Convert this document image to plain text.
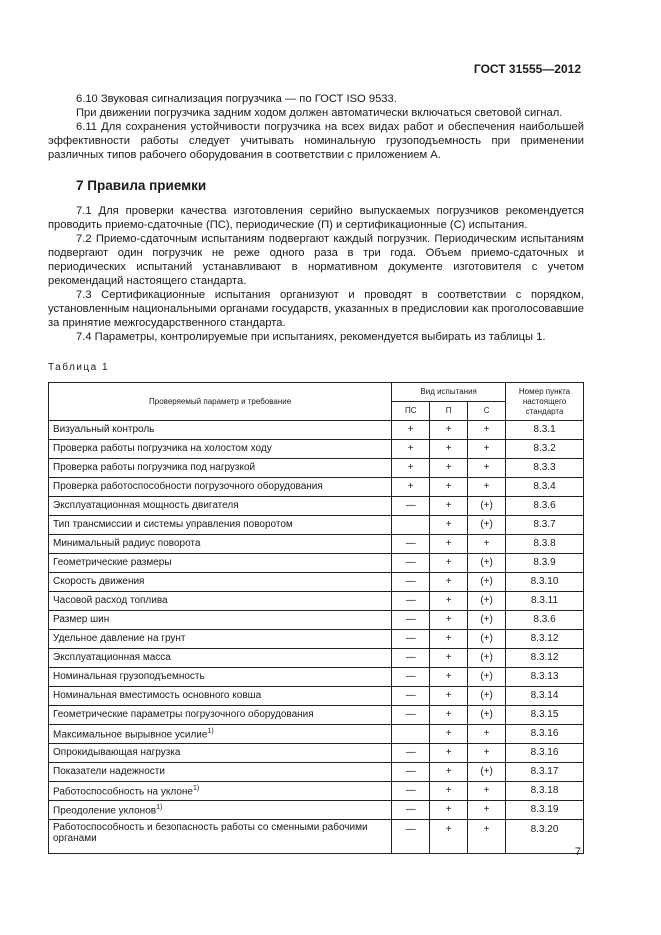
ГОСТ 31555—2012

6.10 Звуковая сигнализация погрузчика — по ГОСТ ISO 9533.

При движении погрузчика задним ходом должен автоматически включаться световой сигнал.

6.11 Для сохранения устойчивости погрузчика на всех видах работ и обеспечения наибольшей эффективности работы следует учитывать номинальную грузоподъемность при применении различных типов рабочего оборудования в соответствии с приложением А.

7 Правила приемки

7.1 Для проверки качества изготовления серийно выпускаемых погрузчиков рекомендуется проводить приемо-сдаточные (ПС), периодические (П) и сертификационные (С) испытания.

7.2 Приемо-сдаточным испытаниям подвергают каждый погрузчик. Периодическим испытаниям подвергают один погрузчик не реже одного раза в три года. Объем приемо-сдаточных и периодических испытаний устанавливают в нормативном документе изготовителя с учетом рекомендаций настоящего стандарта.

7.3 Сертификационные испытания организуют и проводят в соответствии с порядком, установленным национальными органами государств, указанных в предисловии как проголосовавшие за принятие межгосударственного стандарта.

7.4 Параметры, контролируемые при испытаниях, рекомендуется выбирать из таблицы 1.

Таблица 1
Проверяемый параметр и требование	Вид испытания			Номер пункта настоящего стандарта
	ПС	П	С	
Визуальный контроль	+	+	+	8.3.1
Проверка работы погрузчика на холостом ходу	+	+	+	8.3.2
Проверка работы погрузчика под нагрузкой	+	+	+	8.3.3
Проверка работоспособности погрузочного оборудования	+	+	+	8.3.4
Эксплуатационная мощность двигателя	—	+	(+)	8.3.6
Тип трансмиссии и системы управления поворотом		+	(+)	8.3.7
Минимальный радиус поворота	—	+	+	8.3.8
Геометрические размеры	—	+	(+)	8.3.9
Скорость движения	—	+	(+)	8.3.10
Часовой расход топлива	—	+	(+)	8.3.11
Размер шин	—	+	(+)	8.3.6
Удельное давление на грунт	—	+	(+)	8.3.12
Эксплуатационная масса	—	+	(+)	8.3.12
Номинальная грузоподъемность	—	+	(+)	8.3.13
Номинальная вместимость основного ковша	—	+	(+)	8.3.14
Геометрические параметры погрузочного оборудования	—	+	(+)	8.3.15
Максимальное вырывное усилие$^{1)}$		+	+	8.3.16
Опрокидывающая нагрузка	—	+	+	8.3.16
Показатели надежности	—	+	(+)	8.3.17
Работоспособность на уклоне$^{1)}$	—	+	+	8.3.18
Преодоление уклонов$^{1)}$	—	+	+	8.3.19
Работоспособность и безопасность работы со сменными рабочими органами	—	+	+	8.3.20
7
